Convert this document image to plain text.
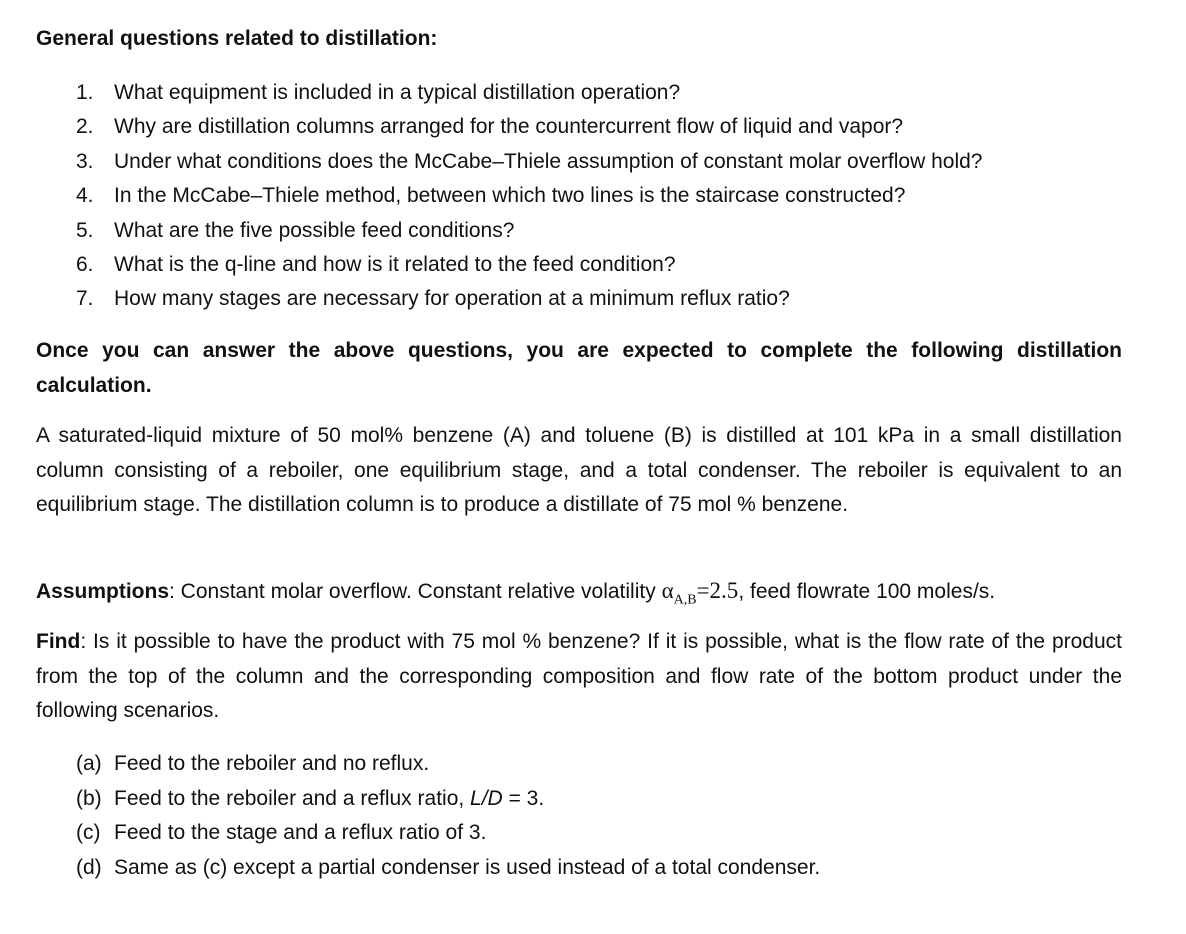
General questions related to distillation:
1. What equipment is included in a typical distillation operation?
2. Why are distillation columns arranged for the countercurrent flow of liquid and vapor?
3. Under what conditions does the McCabe–Thiele assumption of constant molar overflow hold?
4. In the McCabe–Thiele method, between which two lines is the staircase constructed?
5. What are the five possible feed conditions?
6. What is the q-line and how is it related to the feed condition?
7. How many stages are necessary for operation at a minimum reflux ratio?
Once you can answer the above questions, you are expected to complete the following distillation calculation.
A saturated-liquid mixture of 50 mol% benzene (A) and toluene (B) is distilled at 101 kPa in a small distillation column consisting of a reboiler, one equilibrium stage, and a total condenser. The reboiler is equivalent to an equilibrium stage. The distillation column is to produce a distillate of 75 mol % benzene.
Assumptions: Constant molar overflow. Constant relative volatility $\alpha_{A,B}=2.5$, feed flowrate 100 moles/s.
Find: Is it possible to have the product with 75 mol % benzene? If it is possible, what is the flow rate of the product from the top of the column and the corresponding composition and flow rate of the bottom product under the following scenarios.
(a) Feed to the reboiler and no reflux.
(b) Feed to the reboiler and a reflux ratio, L/D = 3.
(c) Feed to the stage and a reflux ratio of 3.
(d) Same as (c) except a partial condenser is used instead of a total condenser.
